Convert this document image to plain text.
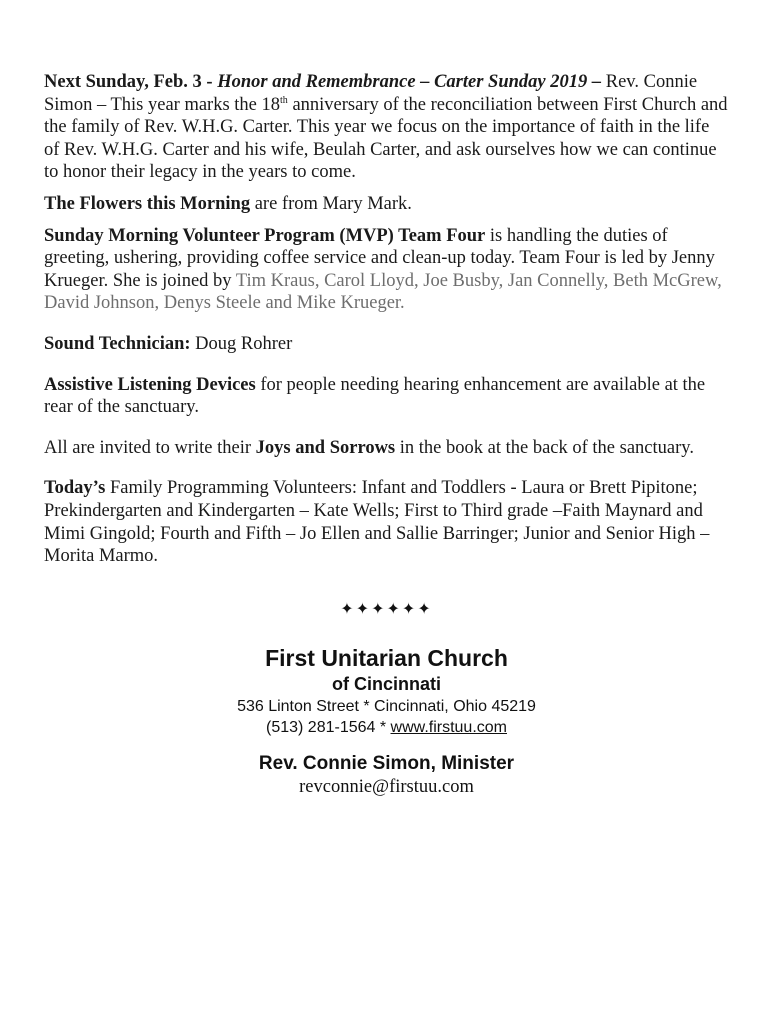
Next Sunday, Feb. 3 - Honor and Remembrance – Carter Sunday 2019 – Rev. Connie Simon – This year marks the 18th anniversary of the reconciliation between First Church and the family of Rev. W.H.G. Carter. This year we focus on the importance of faith in the life of Rev. W.H.G. Carter and his wife, Beulah Carter, and ask ourselves how we can continue to honor their legacy in the years to come.

The Flowers this Morning are from Mary Mark.

Sunday Morning Volunteer Program (MVP) Team Four is handling the duties of greeting, ushering, providing coffee service and clean-up today. Team Four is led by Jenny Krueger. She is joined by Tim Kraus, Carol Lloyd, Joe Busby, Jan Connelly, Beth McGrew, David Johnson, Denys Steele and Mike Krueger.

Sound Technician: Doug Rohrer

Assistive Listening Devices for people needing hearing enhancement are available at the rear of the sanctuary.

All are invited to write their Joys and Sorrows in the book at the back of the sanctuary.

Today’s Family Programming Volunteers: Infant and Toddlers - Laura or Brett Pipitone; Prekindergarten and Kindergarten – Kate Wells; First to Third grade –Faith Maynard and Mimi Gingold; Fourth and Fifth – Jo Ellen and Sallie Barringer; Junior and Senior High – Morita Marmo.

✦✦✦✦✦✦
First Unitarian Church
of Cincinnati
536 Linton Street * Cincinnati, Ohio 45219
(513) 281-1564 * www.firstuu.com
Rev. Connie Simon, Minister
revconnie@firstuu.com
